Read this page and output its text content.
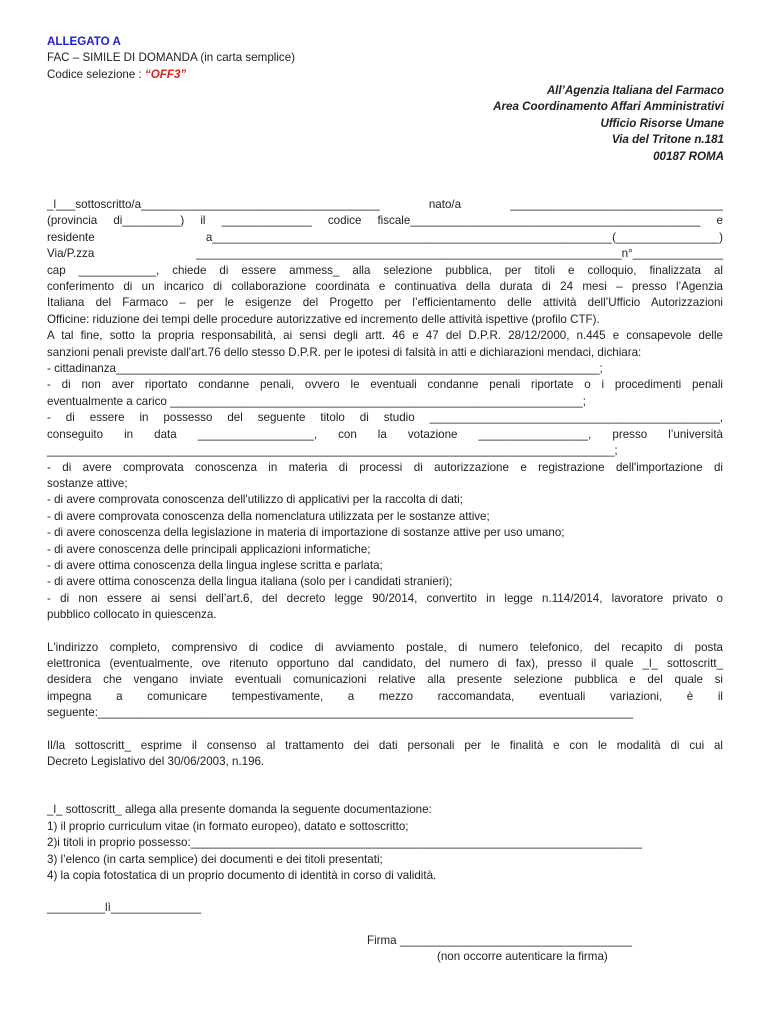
ALLEGATO A
FAC – SIMILE DI DOMANDA (in carta semplice)
Codice selezione : “OFF3”
All’Agenzia Italiana del Farmaco
Area Coordinamento Affari Amministrativi
Ufficio Risorse Umane
Via del Tritone n.181
00187 ROMA
_l___sottoscritto/a_____________________________________ nato/a _________________________________
(provincia di_________) il ______________ codice fiscale_____________________________________________ e
residente a______________________________________________________________(________________)
Via/P.zza __________________________________________________________________n°______________
cap ____________, chiede di essere ammess_ alla selezione pubblica, per titoli e colloquio, finalizzata al
conferimento di un incarico di collaborazione coordinata e continuativa della durata di 24 mesi – presso l’Agenzia
Italiana del Farmaco – per le esigenze del Progetto per l’efficientamento delle attività dell’Ufficio Autorizzazioni
Officine: riduzione dei tempi delle procedure autorizzative ed incremento delle attività ispettive (profilo CTF).
A tal fine, sotto la propria responsabilità, ai sensi degli artt. 46 e 47 del D.P.R. 28/12/2000, n.445 e consapevole delle
sanzioni penali previste dall'art.76 dello stesso D.P.R. per le ipotesi di falsità in atti e dichiarazioni mendaci, dichiara:
- cittadinanza___________________________________________________________________________;
- di non aver riportato condanne penali, ovvero le eventuali condanne penali riportate o i procedimenti penali
eventualmente a carico ________________________________________________________________;
- di essere in possesso del seguente titolo di studio _____________________________________________,
conseguito in data __________________, con la votazione _________________, presso l’università
________________________________________________________________________________________;
- di avere comprovata conoscenza in materia di processi di autorizzazione e registrazione dell'importazione di
sostanze attive;
- di avere comprovata conoscenza dell'utilizzo di applicativi per la raccolta di dati;
- di avere comprovata conoscenza della nomenclatura utilizzata per le sostanze attive;
- di avere conoscenza della legislazione in materia di importazione di sostanze attive per uso umano;
- di avere conoscenza delle principali applicazioni informatiche;
- di avere ottima conoscenza della lingua inglese scritta e parlata;
- di avere ottima conoscenza della lingua italiana (solo per i candidati stranieri);
- di non essere ai sensi dell’art.6, del decreto legge 90/2014, convertito in legge n.114/2014, lavoratore privato o
pubblico collocato in quiescenza.
L'indirizzo completo, comprensivo di codice di avviamento postale, di numero telefonico, del recapito di posta
elettronica (eventualmente, ove ritenuto opportuno dal candidato, del numero di fax), presso il quale _l_ sottoscritt_
desidera che vengano inviate eventuali comunicazioni relative alla presente selezione pubblica e del quale si
impegna a comunicare tempestivamente, a mezzo raccomandata, eventuali variazioni, è il
seguente:___________________________________________________________________________________
Il/la sottoscritt_ esprime il consenso al trattamento dei dati personali per le finalità e con le modalità di cui al
Decreto Legislativo del 30/06/2003, n.196.
_l_ sottoscritt_ allega alla presente domanda la seguente documentazione:
1) il proprio curriculum vitae (in formato europeo), datato e sottoscritto;
2)i titoli in proprio possesso:______________________________________________________________________
3) l’elenco (in carta semplice) dei documenti e dei titoli presentati;
4) la copia fotostatica di un proprio documento di identità in corso di validità.
_________lì______________
Firma ____________________________________
(non occorre autenticare la firma)
